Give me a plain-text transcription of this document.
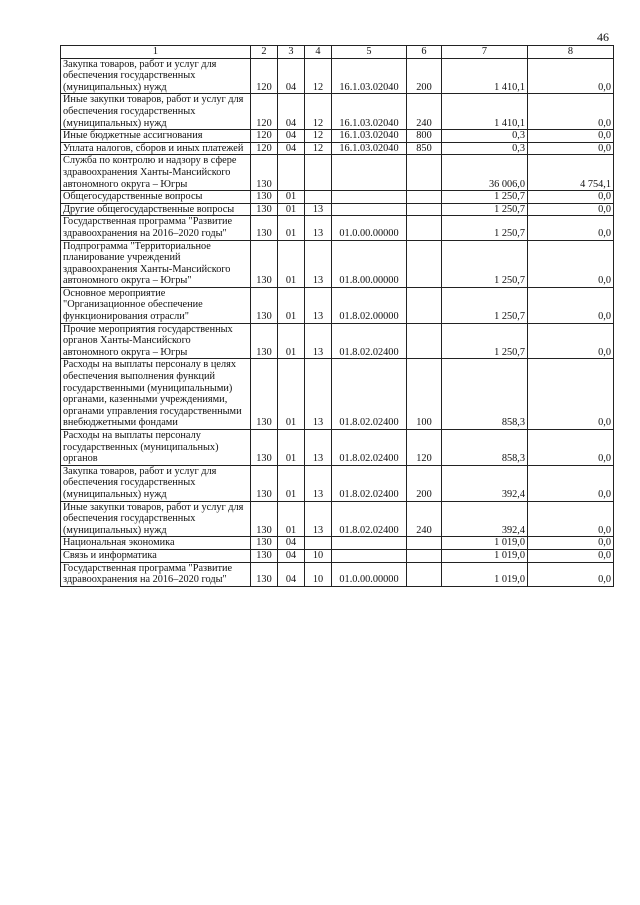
46
1	2	3	4	5	6	7	8
Закупка товаров, работ и услуг для обеспечения государственных (муниципальных) нужд	120	04	12	16.1.03.02040	200	1 410,1	0,0
Иные закупки товаров, работ и услуг для обеспечения государственных (муниципальных) нужд	120	04	12	16.1.03.02040	240	1 410,1	0,0
Иные бюджетные ассигнования	120	04	12	16.1.03.02040	800	0,3	0,0
Уплата налогов, сборов и иных платежей	120	04	12	16.1.03.02040	850	0,3	0,0
Служба по контролю и надзору в сфере здравоохранения Ханты-Мансийского автономного округа – Югры	130					36 006,0	4 754,1
Общегосударственные вопросы	130	01				1 250,7	0,0
Другие общегосударственные вопросы	130	01	13			1 250,7	0,0
Государственная программа "Развитие здравоохранения на 2016–2020 годы"	130	01	13	01.0.00.00000		1 250,7	0,0
Подпрограмма "Территориальное планирование учреждений здравоохранения Ханты-Мансийского автономного округа – Югры"	130	01	13	01.8.00.00000		1 250,7	0,0
Основное мероприятие "Организационное обеспечение функционирования отрасли"	130	01	13	01.8.02.00000		1 250,7	0,0
Прочие мероприятия государственных органов Ханты-Мансийского автономного округа – Югры	130	01	13	01.8.02.02400		1 250,7	0,0
Расходы на выплаты персоналу в целях обеспечения выполнения функций государственными (муниципальными) органами, казенными учреждениями, органами управления государственными внебюджетными фондами	130	01	13	01.8.02.02400	100	858,3	0,0
Расходы на выплаты персоналу государственных (муниципальных) органов	130	01	13	01.8.02.02400	120	858,3	0,0
Закупка товаров, работ и услуг для обеспечения государственных (муниципальных) нужд	130	01	13	01.8.02.02400	200	392,4	0,0
Иные закупки товаров, работ и услуг для обеспечения государственных (муниципальных) нужд	130	01	13	01.8.02.02400	240	392,4	0,0
Национальная экономика	130	04				1 019,0	0,0
Связь и информатика	130	04	10			1 019,0	0,0
Государственная программа "Развитие здравоохранения на 2016–2020 годы"	130	04	10	01.0.00.00000		1 019,0	0,0
